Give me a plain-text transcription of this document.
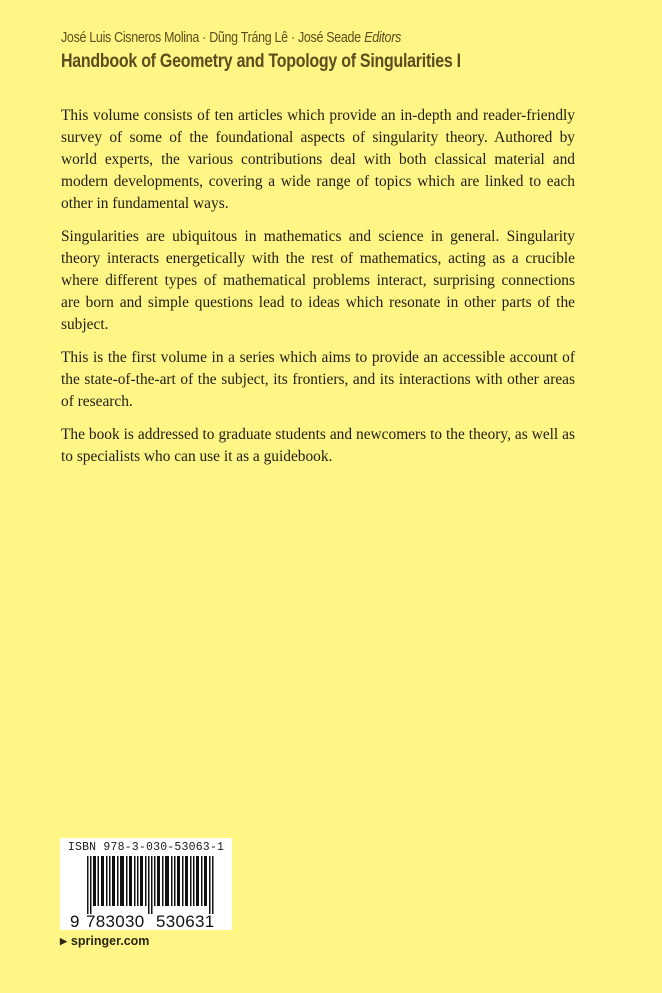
José Luis Cisneros Molina · Dũng Tráng Lê · José Seade Editors
Handbook of Geometry and Topology of Singularities I

This volume consists of ten articles which provide an in-depth and reader-friendly survey of some of the foundational aspects of singularity theory. Authored by world experts, the various contributions deal with both classical material and modern developments, covering a wide range of topics which are linked to each other in fundamental ways.

Singularities are ubiquitous in mathematics and science in general. Singularity theory interacts energetically with the rest of mathematics, acting as a crucible where different types of mathematical problems interact, surprising connections are born and simple questions lead to ideas which resonate in other parts of the subject.

This is the first volume in a series which aims to provide an accessible account of the state-of-the-art of the subject, its frontiers, and its interactions with other areas of research.

The book is addressed to graduate students and newcomers to the theory, as well as to specialists who can use it as a guidebook.

ISBN 978-3-030-53063-1
9 783030 530631
▶ springer.com
